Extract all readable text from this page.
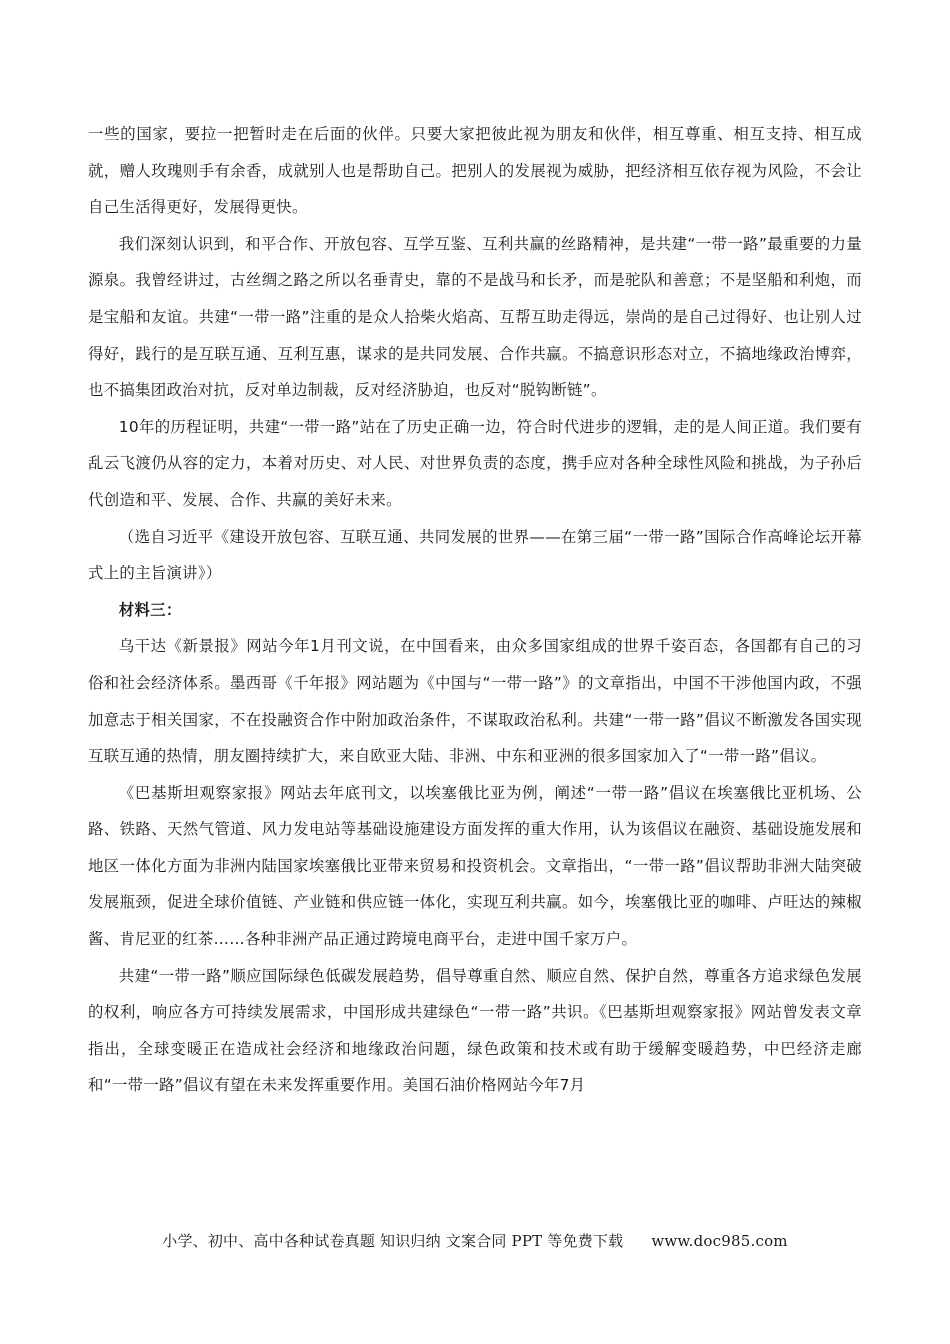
一些的国家，要拉一把暂时走在后面的伙伴。只要大家把彼此视为朋友和伙伴，相互尊重、相互支持、相互成就，赠人玫瑰则手有余香，成就别人也是帮助自己。把别人的发展视为威胁，把经济相互依存视为风险，不会让自己生活得更好，发展得更快。

我们深刻认识到，和平合作、开放包容、互学互鉴、互利共赢的丝路精神，是共建“一带一路”最重要的力量源泉。我曾经讲过，古丝绸之路之所以名垂青史，靠的不是战马和长矛，而是驼队和善意；不是坚船和利炮，而是宝船和友谊。共建“一带一路”注重的是众人拾柴火焰高、互帮互助走得远，崇尚的是自己过得好、也让别人过得好，践行的是互联互通、互利互惠，谋求的是共同发展、合作共赢。不搞意识形态对立，不搞地缘政治博弈，也不搞集团政治对抗，反对单边制裁，反对经济胁迫，也反对“脱钩断链”。

10年的历程证明，共建“一带一路”站在了历史正确一边，符合时代进步的逻辑，走的是人间正道。我们要有乱云飞渡仍从容的定力，本着对历史、对人民、对世界负责的态度，携手应对各种全球性风险和挑战，为子孙后代创造和平、发展、合作、共赢的美好未来。

（选自习近平《建设开放包容、互联互通、共同发展的世界——在第三届“一带一路”国际合作高峰论坛开幕式上的主旨演讲》）

材料三：

乌干达《新景报》网站今年1月刊文说，在中国看来，由众多国家组成的世界千姿百态，各国都有自己的习俗和社会经济体系。墨西哥《千年报》网站题为《中国与“一带一路”》的文章指出，中国不干涉他国内政，不强加意志于相关国家，不在投融资合作中附加政治条件，不谋取政治私利。共建“一带一路”倡议不断激发各国实现互联互通的热情，朋友圈持续扩大，来自欧亚大陆、非洲、中东和亚洲的很多国家加入了“一带一路”倡议。

《巴基斯坦观察家报》网站去年底刊文，以埃塞俄比亚为例，阐述“一带一路”倡议在埃塞俄比亚机场、公路、铁路、天然气管道、风力发电站等基础设施建设方面发挥的重大作用，认为该倡议在融资、基础设施发展和地区一体化方面为非洲内陆国家埃塞俄比亚带来贸易和投资机会。文章指出，“一带一路”倡议帮助非洲大陆突破发展瓶颈，促进全球价值链、产业链和供应链一体化，实现互利共赢。如今，埃塞俄比亚的咖啡、卢旺达的辣椒酱、肯尼亚的红茶……各种非洲产品正通过跨境电商平台，走进中国千家万户。

共建“一带一路”顺应国际绿色低碳发展趋势，倡导尊重自然、顺应自然、保护自然，尊重各方追求绿色发展的权利，响应各方可持续发展需求，中国形成共建绿色“一带一路”共识。《巴基斯坦观察家报》网站曾发表文章指出，全球变暖正在造成社会经济和地缘政治问题，绿色政策和技术或有助于缓解变暖趋势，中巴经济走廊和“一带一路”倡议有望在未来发挥重要作用。美国石油价格网站今年7月

小学、初中、高中各种试卷真题 知识归纳 文案合同 PPT 等免费下载 www.doc985.com
